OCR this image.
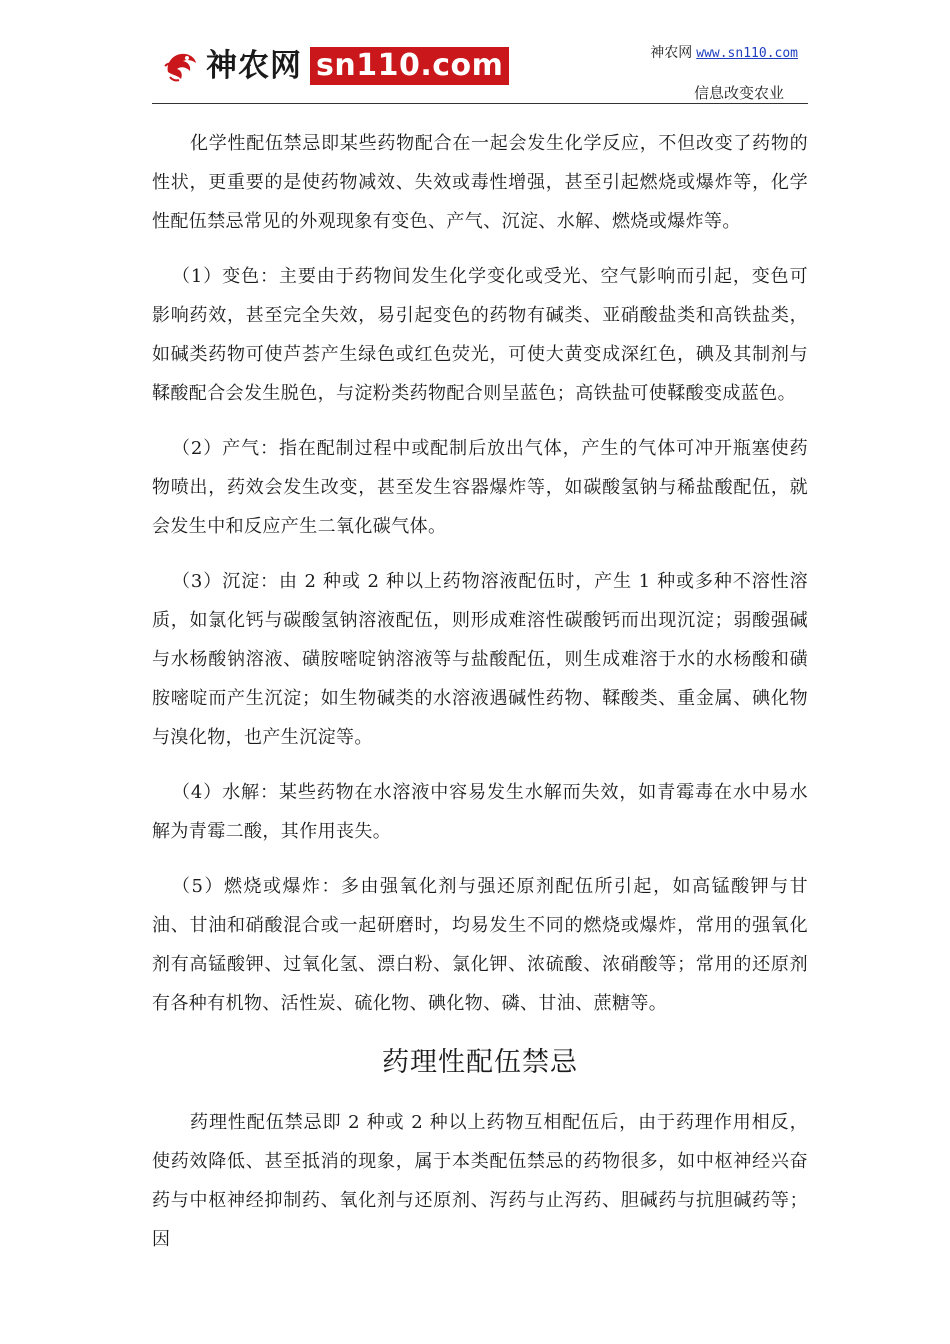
神农网 sn110.com	神农网 www.sn110.com
信息改变农业

化学性配伍禁忌即某些药物配合在一起会发生化学反应，不但改变了药物的性状，更重要的是使药物减效、失效或毒性增强，甚至引起燃烧或爆炸等，化学性配伍禁忌常见的外观现象有变色、产气、沉淀、水解、燃烧或爆炸等。

（1）变色：主要由于药物间发生化学变化或受光、空气影响而引起，变色可影响药效，甚至完全失效，易引起变色的药物有碱类、亚硝酸盐类和高铁盐类，如碱类药物可使芦荟产生绿色或红色荧光，可使大黄变成深红色，碘及其制剂与鞣酸配合会发生脱色，与淀粉类药物配合则呈蓝色；高铁盐可使鞣酸变成蓝色。

（2）产气：指在配制过程中或配制后放出气体，产生的气体可冲开瓶塞使药物喷出，药效会发生改变，甚至发生容器爆炸等，如碳酸氢钠与稀盐酸配伍，就会发生中和反应产生二氧化碳气体。

（3）沉淀：由 2 种或 2 种以上药物溶液配伍时，产生 1 种或多种不溶性溶质，如氯化钙与碳酸氢钠溶液配伍，则形成难溶性碳酸钙而出现沉淀；弱酸强碱与水杨酸钠溶液、磺胺嘧啶钠溶液等与盐酸配伍，则生成难溶于水的水杨酸和磺胺嘧啶而产生沉淀；如生物碱类的水溶液遇碱性药物、鞣酸类、重金属、碘化物与溴化物，也产生沉淀等。

（4）水解：某些药物在水溶液中容易发生水解而失效，如青霉毒在水中易水解为青霉二酸，其作用丧失。

（5）燃烧或爆炸：多由强氧化剂与强还原剂配伍所引起，如高锰酸钾与甘油、甘油和硝酸混合或一起研磨时，均易发生不同的燃烧或爆炸，常用的强氧化剂有高锰酸钾、过氧化氢、漂白粉、氯化钾、浓硫酸、浓硝酸等；常用的还原剂有各种有机物、活性炭、硫化物、碘化物、磷、甘油、蔗糖等。

药理性配伍禁忌

药理性配伍禁忌即 2 种或 2 种以上药物互相配伍后，由于药理作用相反，使药效降低、甚至抵消的现象，属于本类配伍禁忌的药物很多，如中枢神经兴奋药与中枢神经抑制药、氧化剂与还原剂、泻药与止泻药、胆碱药与抗胆碱药等；因
